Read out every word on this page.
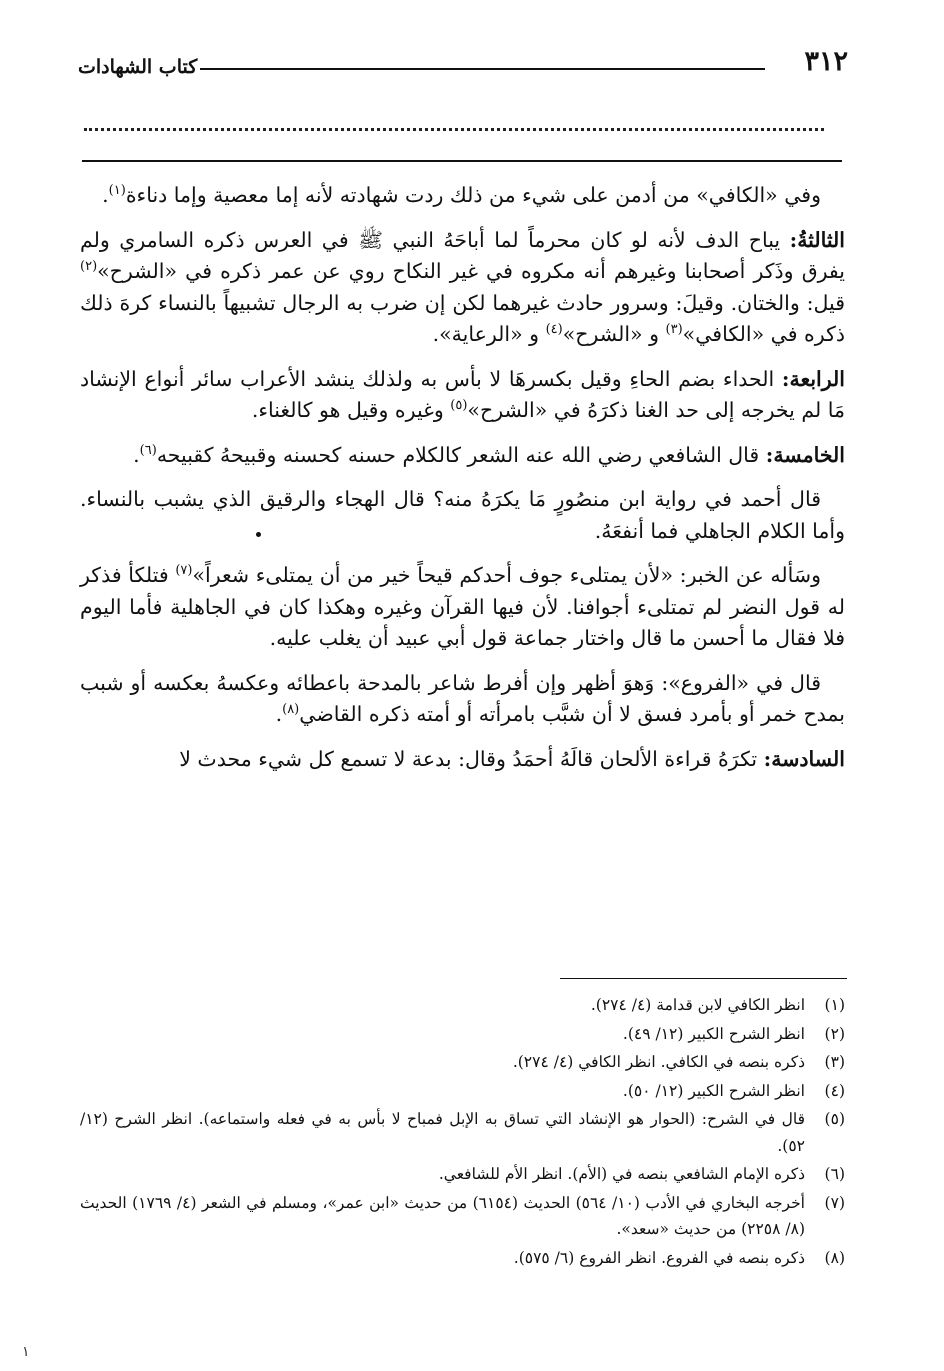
٣١٢
كتاب الشهادات

وفي «الكافي» من أدمن على شيء من ذلك ردت شهادته لأنه إما معصية وإما دناءة$^{(١)}$.

الثالثةُ: يباح الدف لأنه لو كان محرماً لما أباحَهُ النبي ﷺ في العرس ذكره السامري ولم يفرق وذَكر أصحابنا وغيرهم أنه مكروه في غير النكاح روي عن عمر ذكره في «الشرح»$^{(٢)}$ قيل: والختان. وقيلَ: وسرور حادث غيرهما لكن إن ضرب به الرجال تشبيهاً بالنساء كرهَ ذلك ذكره في «الكافي»$^{(٣)}$ و «الشرح»$^{(٤)}$ و «الرعاية».

الرابعة: الحداء بضم الحاءِ وقيل بكسرهَا لا بأس به ولذلك ينشد الأعراب سائر أنواع الإنشاد مَا لم يخرجه إلى حد الغنا ذكرَهُ في «الشرح»$^{(٥)}$ وغيره وقيل هو كالغناء.

الخامسة: قال الشافعي رضي الله عنه الشعر كالكلام حسنه كحسنه وقبيحهُ كقبيحه$^{(٦)}$.

قال أحمد في رواية ابن منصُورٍ مَا يكرَهُ منه؟ قال الهجاء والرقيق الذي يشبب بالنساء. وأما الكلام الجاهلي فما أنفعَهُ.

وسَأله عن الخبر: «لأن يمتلىء جوف أحدكم قيحاً خير من أن يمتلىء شعراً»$^{(٧)}$ فتلكأ فذكر له قول النضر لم تمتلىء أجوافنا. لأن فيها القرآن وغيره وهكذا كان في الجاهلية فأما اليوم فلا فقال ما أحسن ما قال واختار جماعة قول أبي عبيد أن يغلب عليه.

قال في «الفروع»: وَهوَ أظهر وإن أفرط شاعر بالمدحة باعطائه وعكسهُ بعكسه أو شبب بمدح خمر أو بأمرد فسق لا أن شبَّب بامرأته أو أمته ذكره القاضي$^{(٨)}$.

السادسة: تكرَهُ قراءة الألحان قالَهُ أحمَدُ وقال: بدعة لا تسمع كل شيء محدث لا

(١)
انظر الكافي لابن قدامة (٤/ ٢٧٤).
(٢)
انظر الشرح الكبير (١٢/ ٤٩).
(٣)
ذكره بنصه في الكافي. انظر الكافي (٤/ ٢٧٤).
(٤)
انظر الشرح الكبير (١٢/ ٥٠).
(٥)
قال في الشرح: (الحوار هو الإنشاد التي تساق به الإبل فمباح لا بأس به في فعله واستماعه). انظر الشرح (١٢/ ٥٢).
(٦)
ذكره الإمام الشافعي بنصه في (الأم). انظر الأم للشافعي.
(٧)
أخرجه البخاري في الأدب (١٠/ ٥٦٤) الحديث (٦١٥٤) من حديث «ابن عمر»، ومسلم في الشعر (٤/ ١٧٦٩) الحديث (٨/ ٢٢٥٨) من حديث «سعد».
(٨)
ذكره بنصه في الفروع. انظر الفروع (٦/ ٥٧٥).
١
